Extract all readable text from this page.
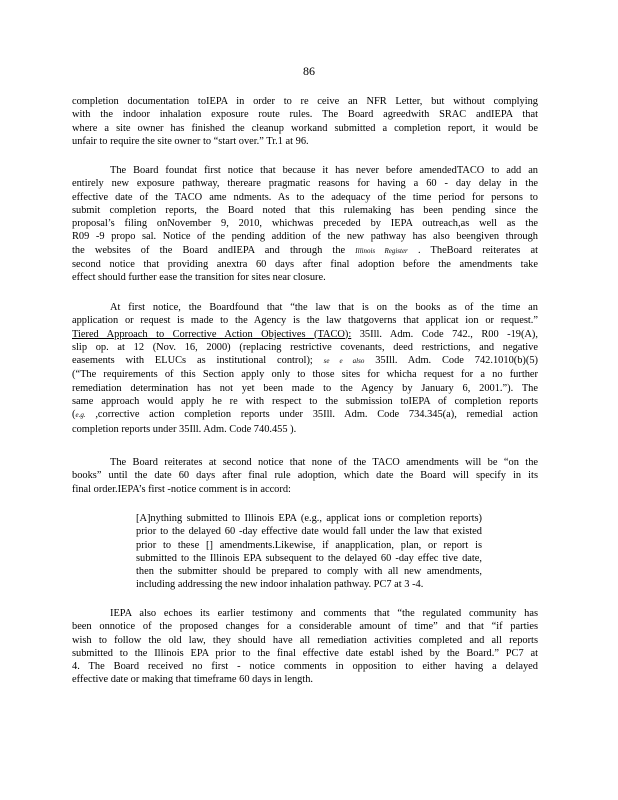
86

completion documentation toIEPA in order to re ceive an NFR Letter, but without complying
with the indoor inhalation exposure route rules. The Board agreedwith SRAC andIEPA that
where a site owner has finished the cleanup workand submitted a completion report, it would be
unfair to require the site owner to “start over.” Tr.1 at 96.

The Board foundat first notice that because it has never before amendedTACO to add an
entirely new exposure pathway, thereare pragmatic reasons for having a 60 - day delay in the
effective date of the TACO ame ndments. As to the adequacy of the time period for persons to
submit completion reports, the Board noted that this rulemaking has been pending since the
proposal’s filing onNovember 9, 2010, whichwas preceded by IEPA outreach,as well as the
R09 -9 propo sal. Notice of the pending addition of the new pathway has also beengiven through
the websites of the Board andIEPA and through the Illinois Register . TheBoard reiterates at
second notice that providing anextra 60 days after final adoption before the amendments take
effect should further ease the transition for sites near closure.

At first notice, the Boardfound that “the law that is on the books as of the time an
application or request is made to the Agency is the law thatgoverns that applicat ion or request.”
Tiered Approach to Corrective Action Objectives (TACO): 35Ill. Adm. Code 742., R00 -19(A),
slip op. at 12 (Nov. 16, 2000) (replacing restrictive covenants, deed restrictions, and negative
easements with ELUCs as institutional control); se e also 35Ill. Adm. Code 742.1010(b)(5)
(“The requirements of this Section apply only to those sites for whicha request for a no further
remediation determination has not yet been made to the Agency by January 6, 2001.”). The
same approach would apply he re with respect to the submission toIEPA of completion reports
(e.g. ,corrective action completion reports under 35Ill. Adm. Code 734.345(a), remedial action
completion reports under 35Ill. Adm. Code 740.455 ).

The Board reiterates at second notice that none of the TACO amendments will be “on the
books” until the date 60 days after final rule adoption, which date the Board will specify in its
final order.IEPA’s first -notice comment is in accord:

[A]nything submitted to Illinois EPA (e.g., applicat ions or completion reports)
prior to the delayed 60 -day effective date would fall under the law that existed
prior to these [] amendments.Likewise, if anapplication, plan, or report is
submitted to the Illinois EPA subsequent to the delayed 60 -day effec tive date,
then the submitter should be prepared to comply with all new amendments,
including addressing the new indoor inhalation pathway. PC7 at 3 -4.

IEPA also echoes its earlier testimony and comments that “the regulated community has
been onnotice of the proposed changes for a considerable amount of time” and that “if parties
wish to follow the old law, they should have all remediation activities completed and all reports
submitted to the Illinois EPA prior to the final effective date establ ished by the Board.” PC7 at
4. The Board received no first - notice comments in opposition to either having a delayed
effective date or making that timeframe 60 days in length.
